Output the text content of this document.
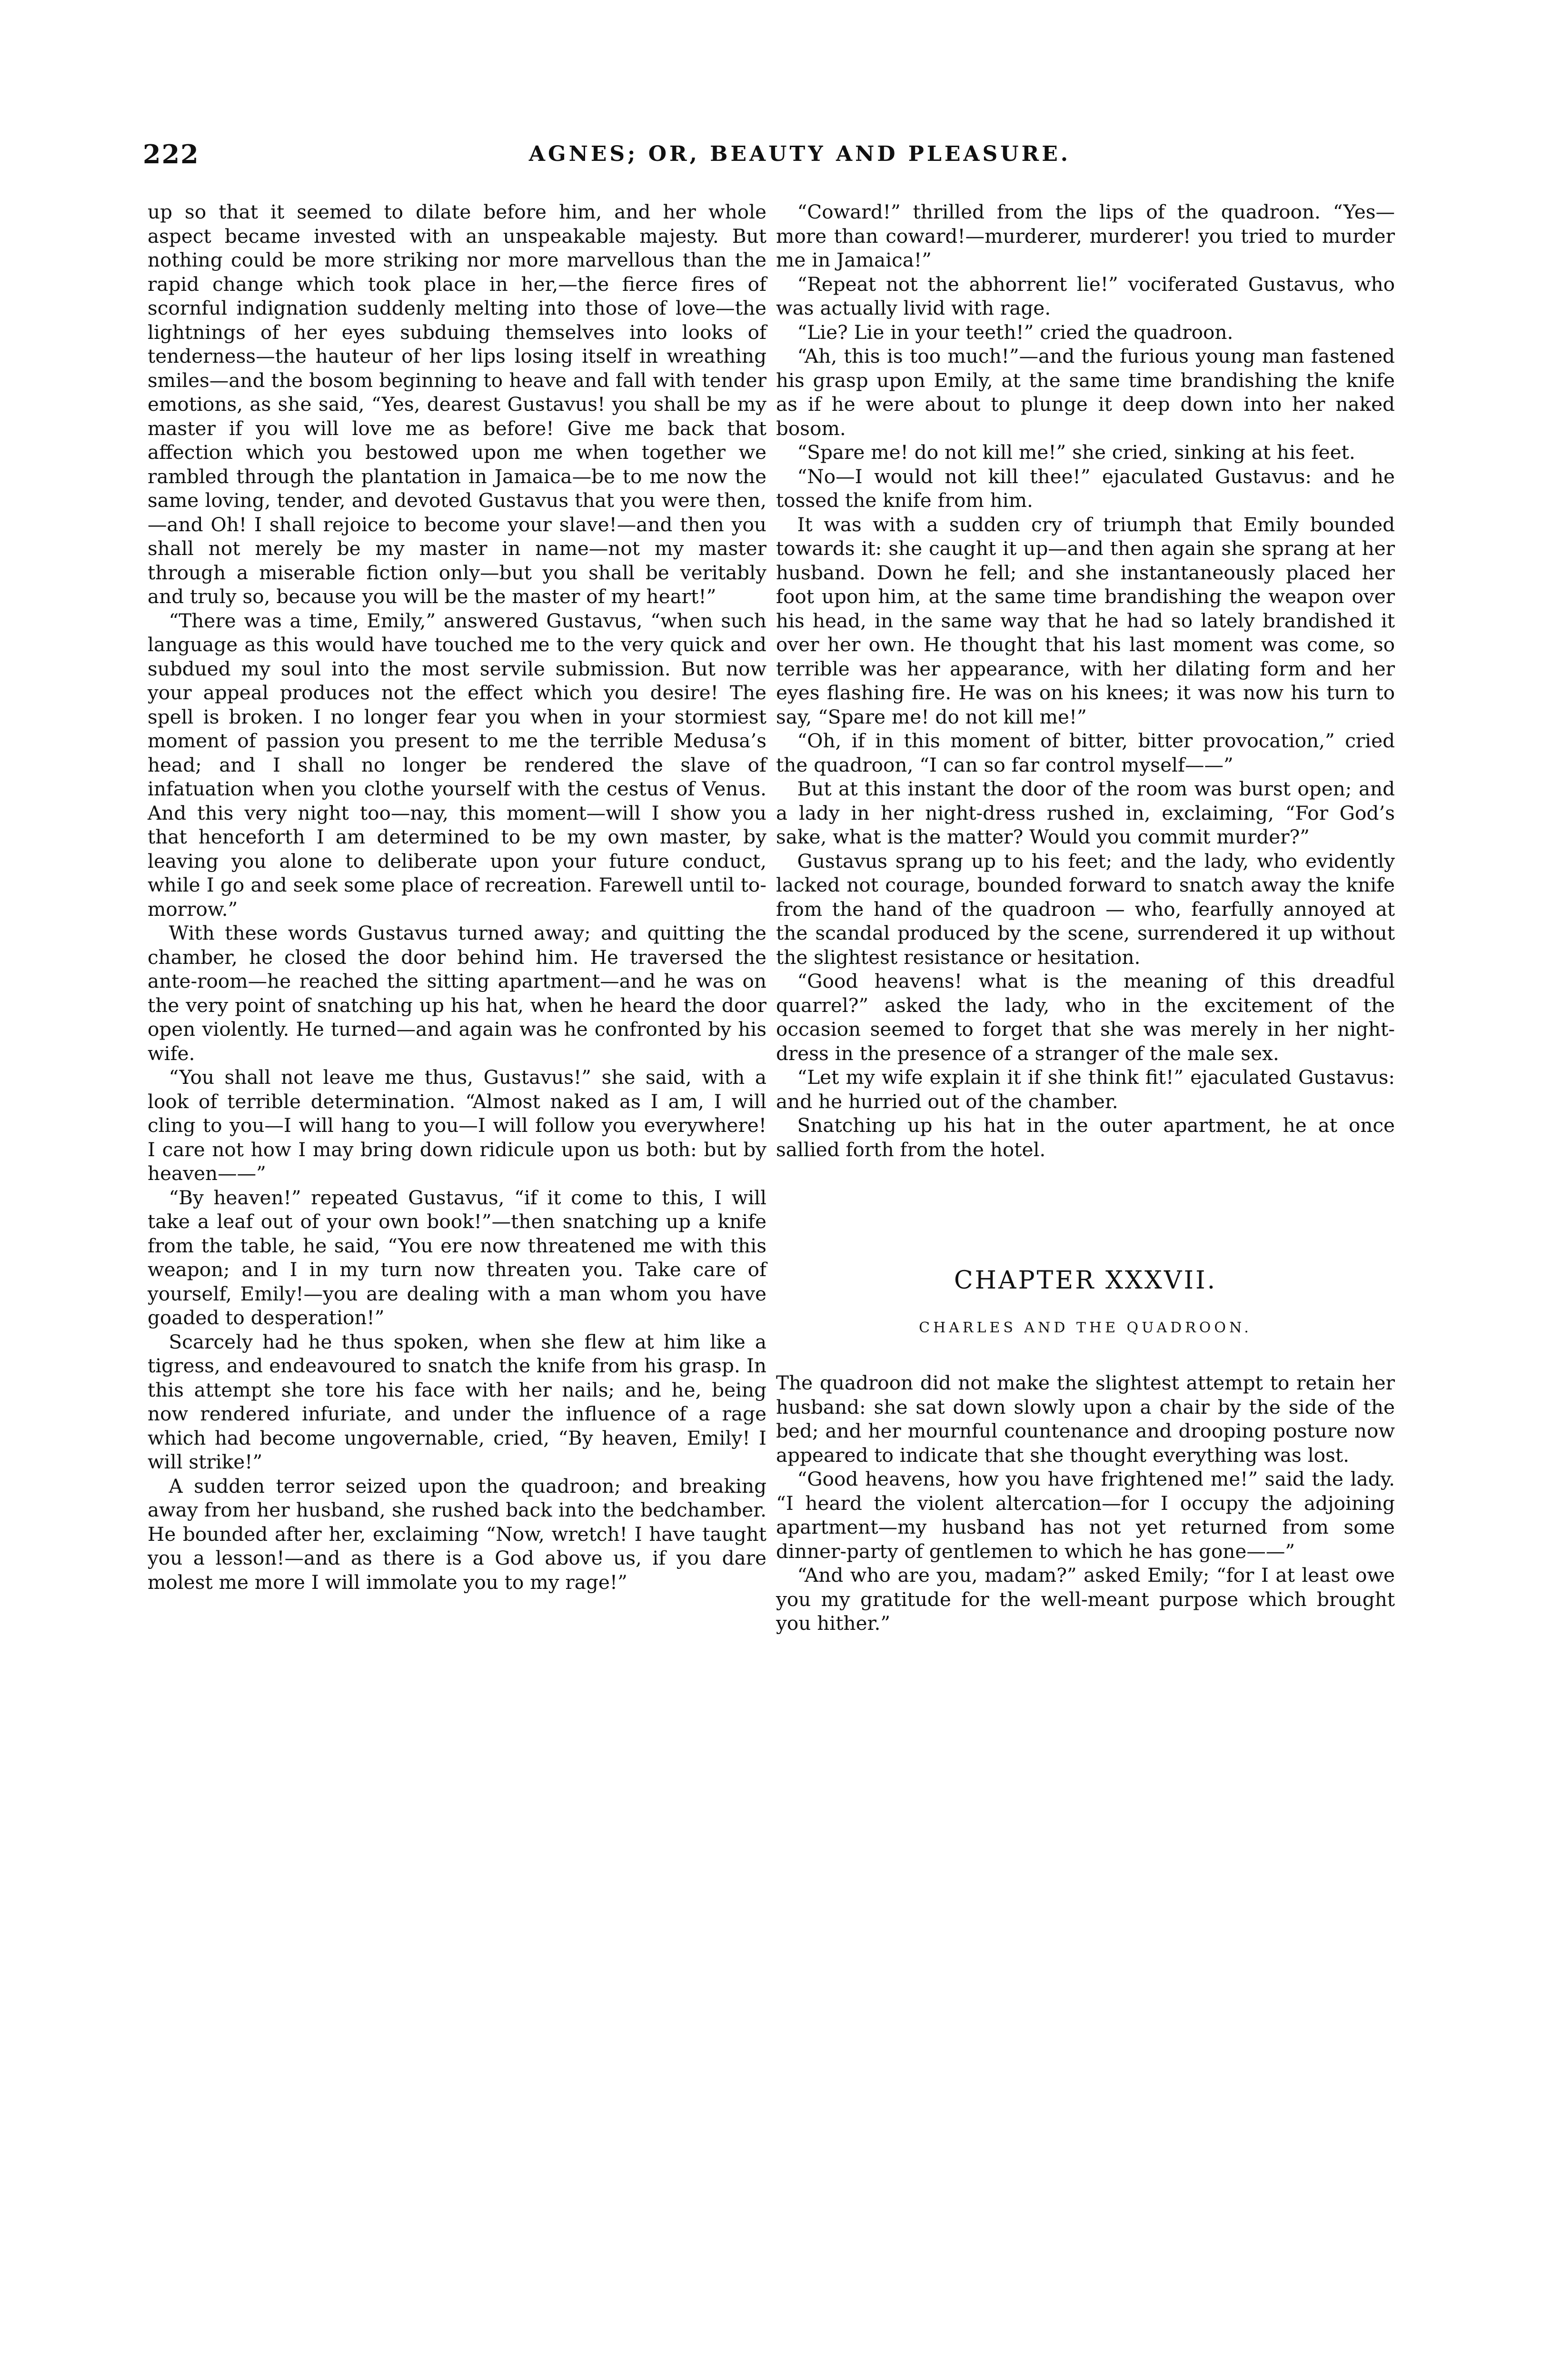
222	AGNES; OR, BEAUTY AND PLEASURE.

up so that it seemed to dilate before him, and her whole aspect became invested with an unspeakable majesty. But nothing could be more striking nor more marvellous than the rapid change which took place in her,—the fierce fires of scornful indignation suddenly melting into those of love—the lightnings of her eyes subduing themselves into looks of tenderness—the hauteur of her lips losing itself in wreathing smiles—and the bosom beginning to heave and fall with tender emotions, as she said, “Yes, dearest Gustavus! you shall be my master if you will love me as before! Give me back that affection which you bestowed upon me when together we rambled through the plantation in Jamaica—be to me now the same loving, tender, and devoted Gustavus that you were then,—and Oh! I shall rejoice to become your slave!—and then you shall not merely be my master in name—not my master through a miserable fiction only—but you shall be veritably and truly so, because you will be the master of my heart!”

“There was a time, Emily,” answered Gustavus, “when such language as this would have touched me to the very quick and subdued my soul into the most servile submission. But now your appeal produces not the effect which you desire! The spell is broken. I no longer fear you when in your stormiest moment of passion you present to me the terrible Medusa’s head; and I shall no longer be rendered the slave of infatuation when you clothe yourself with the cestus of Venus. And this very night too—nay, this moment—will I show you that henceforth I am determined to be my own master, by leaving you alone to deliberate upon your future conduct, while I go and seek some place of recreation. Farewell until to-morrow.”

With these words Gustavus turned away; and quitting the chamber, he closed the door behind him. He traversed the ante-room—he reached the sitting apartment—and he was on the very point of snatching up his hat, when he heard the door open violently. He turned—and again was he confronted by his wife.

“You shall not leave me thus, Gustavus!” she said, with a look of terrible determination. “Almost naked as I am, I will cling to you—I will hang to you—I will follow you everywhere! I care not how I may bring down ridicule upon us both: but by heaven——”

“By heaven!” repeated Gustavus, “if it come to this, I will take a leaf out of your own book!”—then snatching up a knife from the table, he said, “You ere now threatened me with this weapon; and I in my turn now threaten you. Take care of yourself, Emily!—you are dealing with a man whom you have goaded to desperation!”

Scarcely had he thus spoken, when she flew at him like a tigress, and endeavoured to snatch the knife from his grasp. In this attempt she tore his face with her nails; and he, being now rendered infuriate, and under the influence of a rage which had become ungovernable, cried, “By heaven, Emily! I will strike!”

A sudden terror seized upon the quadroon; and breaking away from her husband, she rushed back into the bedchamber. He bounded after her, exclaiming “Now, wretch! I have taught you a lesson!—and as there is a God above us, if you dare molest me more I will immolate you to my rage!”

“Coward!” thrilled from the lips of the quadroon. “Yes—more than coward!—murderer, murderer! you tried to murder me in Jamaica!”

“Repeat not the abhorrent lie!” vociferated Gustavus, who was actually livid with rage.

“Lie? Lie in your teeth!” cried the quadroon.

“Ah, this is too much!”—and the furious young man fastened his grasp upon Emily, at the same time brandishing the knife as if he were about to plunge it deep down into her naked bosom.

“Spare me! do not kill me!” she cried, sinking at his feet.

“No—I would not kill thee!” ejaculated Gustavus: and he tossed the knife from him.

It was with a sudden cry of triumph that Emily bounded towards it: she caught it up—and then again she sprang at her husband. Down he fell; and she instantaneously placed her foot upon him, at the same time brandishing the weapon over his head, in the same way that he had so lately brandished it over her own. He thought that his last moment was come, so terrible was her appearance, with her dilating form and her eyes flashing fire. He was on his knees; it was now his turn to say, “Spare me! do not kill me!”

“Oh, if in this moment of bitter, bitter provocation,” cried the quadroon, “I can so far control myself——”

But at this instant the door of the room was burst open; and a lady in her night-dress rushed in, exclaiming, “For God’s sake, what is the matter? Would you commit murder?”

Gustavus sprang up to his feet; and the lady, who evidently lacked not courage, bounded forward to snatch away the knife from the hand of the quadroon — who, fearfully annoyed at the scandal produced by the scene, surrendered it up without the slightest resistance or hesitation.

“Good heavens! what is the meaning of this dreadful quarrel?” asked the lady, who in the excitement of the occasion seemed to forget that she was merely in her night-dress in the presence of a stranger of the male sex.

“Let my wife explain it if she think fit!” ejaculated Gustavus: and he hurried out of the chamber.

Snatching up his hat in the outer apartment, he at once sallied forth from the hotel.

CHAPTER XXXVII.
CHARLES AND THE QUADROON.

The quadroon did not make the slightest attempt to retain her husband: she sat down slowly upon a chair by the side of the bed; and her mournful countenance and drooping posture now appeared to indicate that she thought everything was lost.

“Good heavens, how you have frightened me!” said the lady. “I heard the violent altercation—for I occupy the adjoining apartment—my husband has not yet returned from some dinner-party of gentlemen to which he has gone——”

“And who are you, madam?” asked Emily; “for I at least owe you my gratitude for the well-meant purpose which brought you hither.”
